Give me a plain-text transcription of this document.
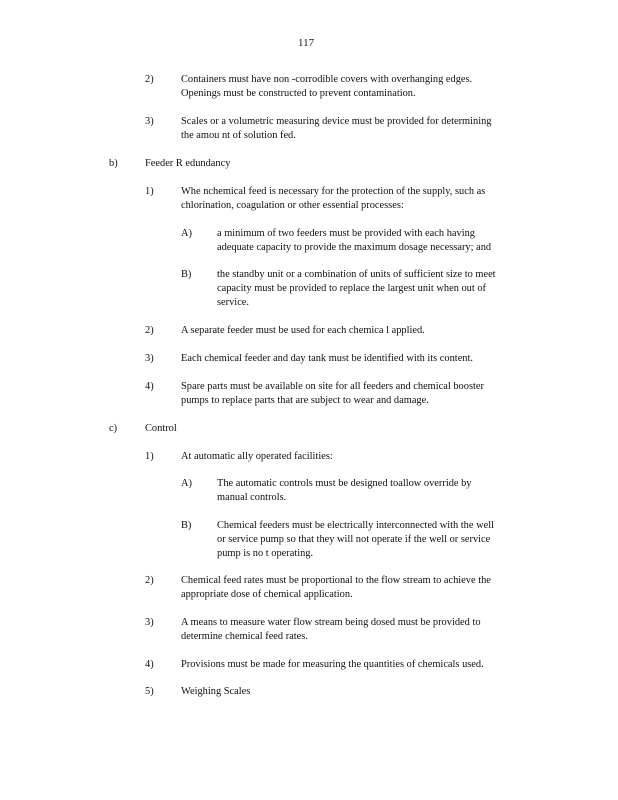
117
2)	Containers must have non -corrodible covers with overhanging edges.
Openings must be constructed to prevent contamination.
3)	Scales or a volumetric measuring device must be provided for determining
the amou nt of solution fed.
b)	Feeder R edundancy
1)	Whe nchemical feed is necessary for the protection of the supply, such as
chlorination, coagulation or other essential processes:
A) a minimum of two feeders must be provided with each having
adequate capacity to provide the maximum dosage necessary; and
B) the standby unit or a combination of units of sufficient size to meet
capacity must be provided to replace the largest unit when out of
service.
2)	A separate feeder must be used for each chemica l applied.
3)	Each chemical feeder and day tank must be identified with its content.
4)	Spare parts must be available on site for all feeders and chemical booster
pumps to replace parts that are subject to wear and damage.
c)	Control
1)	At automatic ally operated facilities:
A) The automatic controls must be designed toallow override by
manual controls.
B) Chemical feeders must be electrically interconnected with the well
or service pump so that they will not operate if the well or service
pump is no t operating.
2)	Chemical feed rates must be proportional to the flow stream to achieve the
appropriate dose of chemical application.
3)	A means to measure water flow stream being dosed must be provided to
determine chemical feed rates.
4)	Provisions must be made for measuring the quantities of chemicals used.
5)	Weighing Scales
